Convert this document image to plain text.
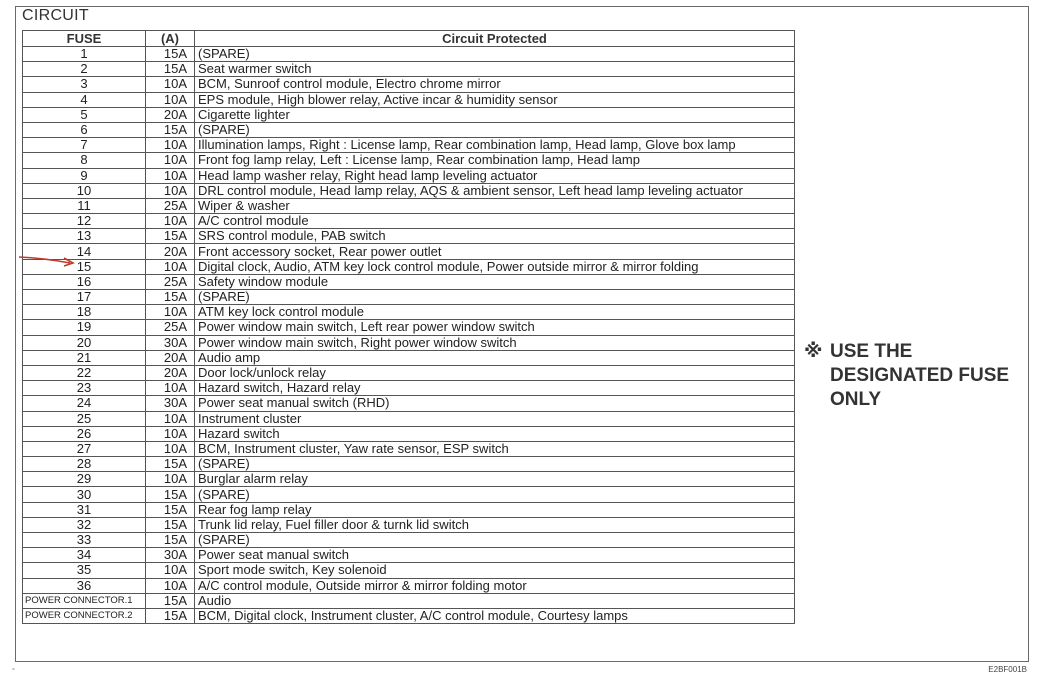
CIRCUIT
FUSE	(A)	Circuit Protected
1	15A	(SPARE)
2	15A	Seat warmer switch
3	10A	BCM, Sunroof control module, Electro chrome mirror
4	10A	EPS module, High blower relay, Active incar & humidity sensor
5	20A	Cigarette lighter
6	15A	(SPARE)
7	10A	Illumination lamps, Right : License lamp, Rear combination lamp, Head lamp, Glove box lamp
8	10A	Front fog lamp relay, Left : License lamp, Rear combination lamp, Head lamp
9	10A	Head lamp washer relay, Right head lamp leveling actuator
10	10A	DRL control module, Head lamp relay, AQS & ambient sensor, Left head lamp leveling actuator
11	25A	Wiper & washer
12	10A	A/C control module
13	15A	SRS control module, PAB switch
14	20A	Front accessory socket, Rear power outlet
15	10A	Digital clock, Audio, ATM key lock control module, Power outside mirror & mirror folding
16	25A	Safety window module
17	15A	(SPARE)
18	10A	ATM key lock control module
19	25A	Power window main switch, Left rear power window switch
20	30A	Power window main switch, Right power window switch
21	20A	Audio amp
22	20A	Door lock/unlock relay
23	10A	Hazard switch, Hazard relay
24	30A	Power seat manual switch (RHD)
25	10A	Instrument cluster
26	10A	Hazard switch
27	10A	BCM, Instrument cluster, Yaw rate sensor, ESP switch
28	15A	(SPARE)
29	10A	Burglar alarm relay
30	15A	(SPARE)
31	15A	Rear fog lamp relay
32	15A	Trunk lid relay, Fuel filler door & turnk lid switch
33	15A	(SPARE)
34	30A	Power seat manual switch
35	10A	Sport mode switch, Key solenoid
36	10A	A/C control module, Outside mirror & mirror folding motor
POWER CONNECTOR.1	15A	Audio
POWER CONNECTOR.2	15A	BCM, Digital clock, Instrument cluster, A/C control module, Courtesy lamps
※ USE THE
DESIGNATED FUSE
ONLY
°	E2BF001B
